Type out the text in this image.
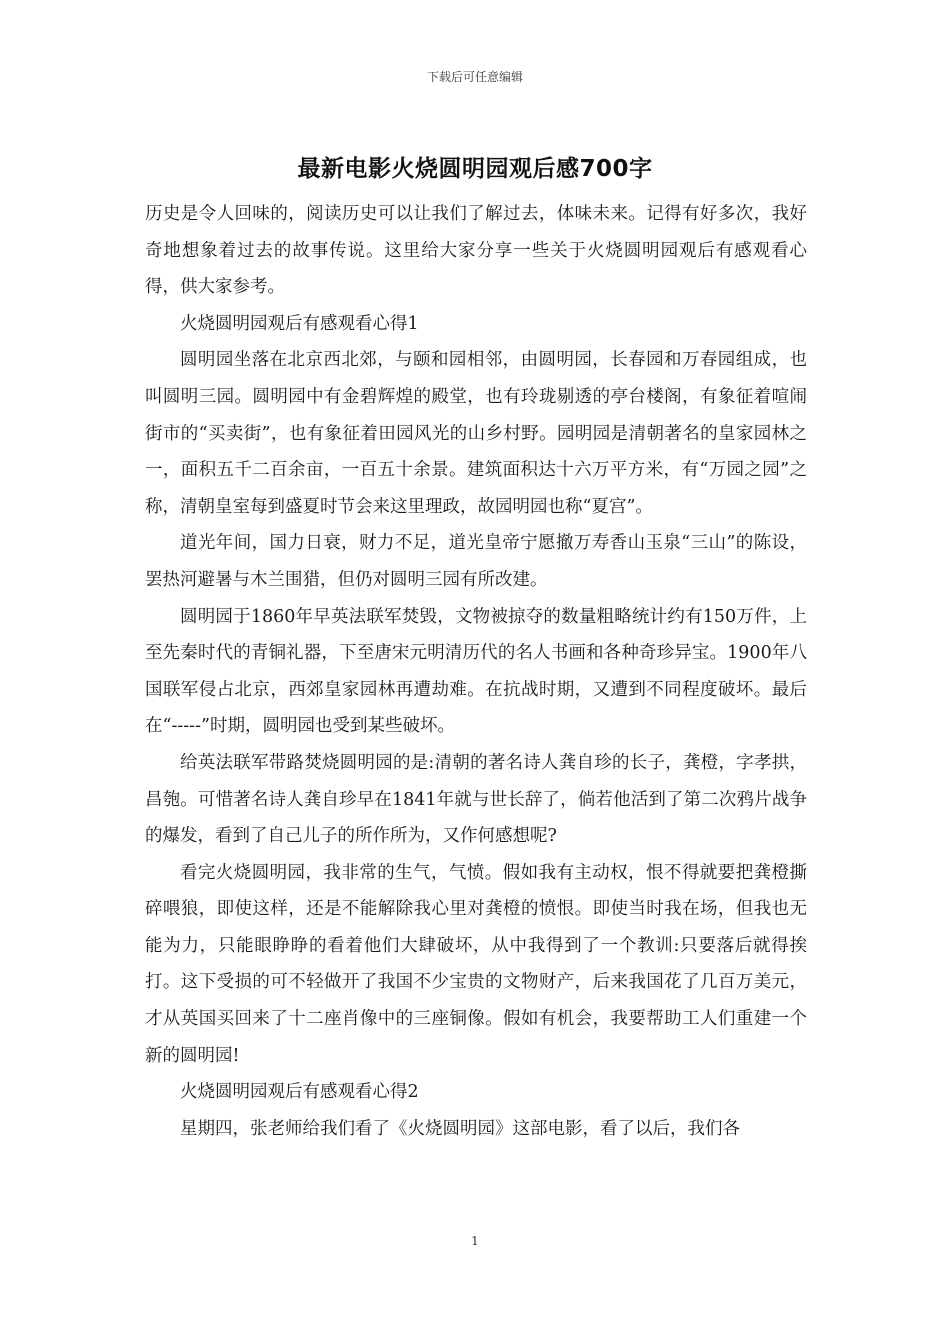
下载后可任意编辑
最新电影火烧圆明园观后感700字

历史是令人回味的，阅读历史可以让我们了解过去，体味未来。记得有好多次，我好奇地想象着过去的故事传说。这里给大家分享一些关于火烧圆明园观后有感观看心得，供大家参考。

火烧圆明园观后有感观看心得1

圆明园坐落在北京西北郊，与颐和园相邻，由圆明园，长春园和万春园组成，也叫圆明三园。圆明园中有金碧辉煌的殿堂，也有玲珑剔透的亭台楼阁，有象征着喧闹街市的“买卖街”，也有象征着田园风光的山乡村野。园明园是清朝著名的皇家园林之一，面积五千二百余亩，一百五十余景。建筑面积达十六万平方米，有“万园之园”之称，清朝皇室每到盛夏时节会来这里理政，故园明园也称“夏宫”。

道光年间，国力日衰，财力不足，道光皇帝宁愿撤万寿香山玉泉“三山”的陈设，罢热河避暑与木兰围猎，但仍对圆明三园有所改建。

圆明园于1860年早英法联军焚毁，文物被掠夺的数量粗略统计约有150万件，上至先秦时代的青铜礼器，下至唐宋元明清历代的名人书画和各种奇珍异宝。1900年八国联军侵占北京，西郊皇家园林再遭劫难。在抗战时期，又遭到不同程度破坏。最后在“-----”时期，圆明园也受到某些破坏。

给英法联军带路焚烧圆明园的是:清朝的著名诗人龚自珍的长子，龚橙，字孝拱，昌匏。可惜著名诗人龚自珍早在1841年就与世长辞了，倘若他活到了第二次鸦片战争的爆发，看到了自己儿子的所作所为，又作何感想呢?

看完火烧圆明园，我非常的生气，气愤。假如我有主动权，恨不得就要把龚橙撕碎喂狼，即使这样，还是不能解除我心里对龚橙的愤恨。即使当时我在场，但我也无能为力，只能眼睁睁的看着他们大肆破坏，从中我得到了一个教训:只要落后就得挨打。这下受损的可不轻做开了我国不少宝贵的文物财产，后来我国花了几百万美元，才从英国买回来了十二座肖像中的三座铜像。假如有机会，我要帮助工人们重建一个新的圆明园!

火烧圆明园观后有感观看心得2

星期四，张老师给我们看了《火烧圆明园》这部电影，看了以后，我们各

1
